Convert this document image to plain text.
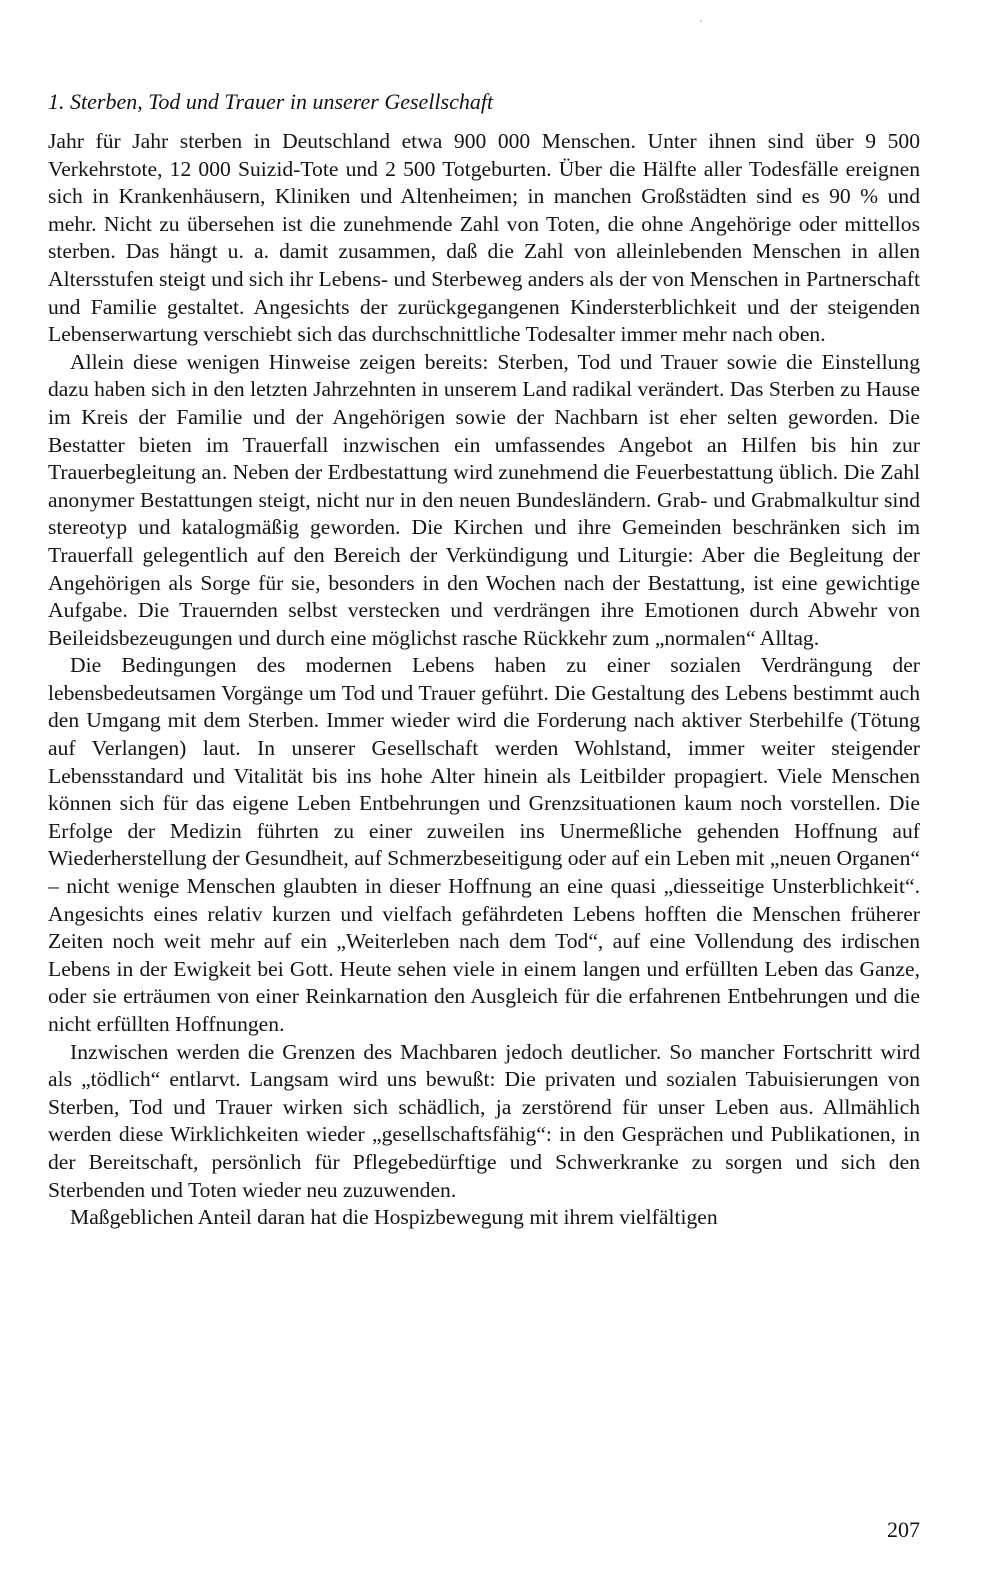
1. Sterben, Tod und Trauer in unserer Gesellschaft

Jahr für Jahr sterben in Deutschland etwa 900 000 Menschen. Unter ihnen sind über 9 500 Verkehrstote, 12 000 Suizid-Tote und 2 500 Totgeburten. Über die Hälfte aller Todesfälle ereignen sich in Krankenhäusern, Kliniken und Altenheimen; in manchen Großstädten sind es 90 % und mehr. Nicht zu übersehen ist die zunehmende Zahl von Toten, die ohne Angehörige oder mittellos sterben. Das hängt u. a. damit zusammen, daß die Zahl von alleinlebenden Menschen in allen Altersstufen steigt und sich ihr Lebens- und Sterbeweg anders als der von Menschen in Partnerschaft und Familie gestaltet. Angesichts der zurückgegangenen Kindersterblichkeit und der steigenden Lebenserwartung verschiebt sich das durchschnittliche Todesalter immer mehr nach oben.

Allein diese wenigen Hinweise zeigen bereits: Sterben, Tod und Trauer sowie die Einstellung dazu haben sich in den letzten Jahrzehnten in unserem Land radikal verändert. Das Sterben zu Hause im Kreis der Familie und der Angehörigen sowie der Nachbarn ist eher selten geworden. Die Bestatter bieten im Trauerfall inzwischen ein umfassendes Angebot an Hilfen bis hin zur Trauerbegleitung an. Neben der Erdbestattung wird zunehmend die Feuerbestattung üblich. Die Zahl anonymer Bestattungen steigt, nicht nur in den neuen Bundesländern. Grab- und Grabmalkultur sind stereotyp und katalogmäßig geworden. Die Kirchen und ihre Gemeinden beschränken sich im Trauerfall gelegentlich auf den Bereich der Verkündigung und Liturgie: Aber die Begleitung der Angehörigen als Sorge für sie, besonders in den Wochen nach der Bestattung, ist eine gewichtige Aufgabe. Die Trauernden selbst verstecken und verdrängen ihre Emotionen durch Abwehr von Beileidsbezeugungen und durch eine möglichst rasche Rückkehr zum „normalen“ Alltag.

Die Bedingungen des modernen Lebens haben zu einer sozialen Verdrängung der lebensbedeutsamen Vorgänge um Tod und Trauer geführt. Die Gestaltung des Lebens bestimmt auch den Umgang mit dem Sterben. Immer wieder wird die Forderung nach aktiver Sterbehilfe (Tötung auf Verlangen) laut. In unserer Gesellschaft werden Wohlstand, immer weiter steigender Lebensstandard und Vitalität bis ins hohe Alter hinein als Leitbilder propagiert. Viele Menschen können sich für das eigene Leben Entbehrungen und Grenzsituationen kaum noch vorstellen. Die Erfolge der Medizin führten zu einer zuweilen ins Unermeßliche gehenden Hoffnung auf Wiederherstellung der Gesundheit, auf Schmerzbeseitigung oder auf ein Leben mit „neuen Organen“ – nicht wenige Menschen glaubten in dieser Hoffnung an eine quasi „diesseitige Unsterblichkeit“. Angesichts eines relativ kurzen und vielfach gefährdeten Lebens hofften die Menschen früherer Zeiten noch weit mehr auf ein „Weiterleben nach dem Tod“, auf eine Vollendung des irdischen Lebens in der Ewigkeit bei Gott. Heute sehen viele in einem langen und erfüllten Leben das Ganze, oder sie erträumen von einer Reinkarnation den Ausgleich für die erfahrenen Entbehrungen und die nicht erfüllten Hoffnungen.

Inzwischen werden die Grenzen des Machbaren jedoch deutlicher. So mancher Fortschritt wird als „tödlich“ entlarvt. Langsam wird uns bewußt: Die privaten und sozialen Tabuisierungen von Sterben, Tod und Trauer wirken sich schädlich, ja zerstörend für unser Leben aus. Allmählich werden diese Wirklichkeiten wieder „gesellschaftsfähig“: in den Gesprächen und Publikationen, in der Bereitschaft, persönlich für Pflegebedürftige und Schwerkranke zu sorgen und sich den Sterbenden und Toten wieder neu zuzuwenden.

Maßgeblichen Anteil daran hat die Hospizbewegung mit ihrem vielfältigen

207
